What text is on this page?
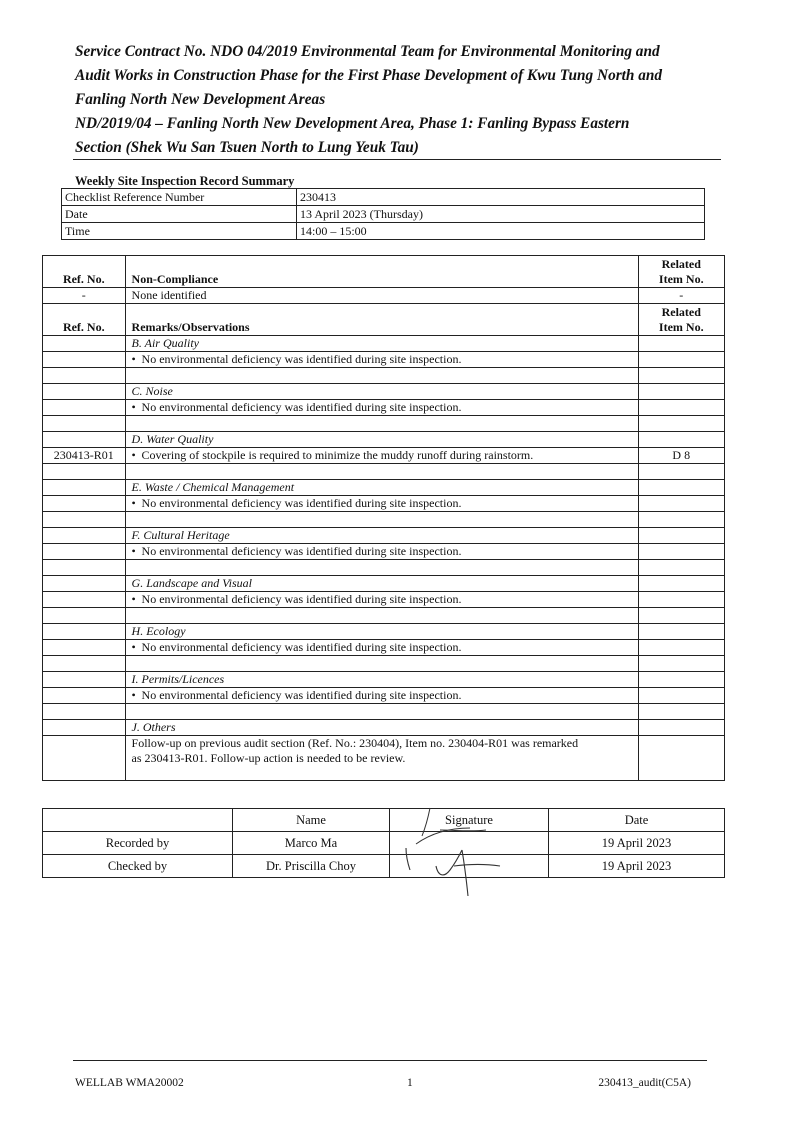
Service Contract No. NDO 04/2019 Environmental Team for Environmental Monitoring and
Audit Works in Construction Phase for the First Phase Development of Kwu Tung North and
Fanling North New Development Areas
ND/2019/04 – Fanling North New Development Area, Phase 1: Fanling Bypass Eastern
Section (Shek Wu San Tsuen North to Lung Yeuk Tau)
Weekly Site Inspection Record Summary
Checklist Reference Number	230413
Date	13 April 2023 (Thursday)
Time	14:00 – 15:00
Ref. No.	Non-Compliance	Related
Item No.
-	None identified	-
Ref. No.	Remarks/Observations	Related
Item No.
	B. Air Quality	
	• No environmental deficiency was identified during site inspection.	

	C. Noise	
	• No environmental deficiency was identified during site inspection.	

	D. Water Quality	
230413-R01	• Covering of stockpile is required to minimize the muddy runoff during rainstorm.	D 8

	E. Waste / Chemical Management	
	• No environmental deficiency was identified during site inspection.	

	F. Cultural Heritage	
	• No environmental deficiency was identified during site inspection.	

	G. Landscape and Visual	
	• No environmental deficiency was identified during site inspection.	

	H. Ecology	
	• No environmental deficiency was identified during site inspection.	

	I. Permits/Licences	
	• No environmental deficiency was identified during site inspection.	

	J. Others	
	Follow-up on previous audit section (Ref. No.: 230404), Item no. 230404-R01 was remarked
as 230413-R01. Follow-up action is needed to be review.	
	Name	Signature	Date
Recorded by	Marco Ma		19 April 2023
Checked by	Dr. Priscilla Choy		19 April 2023
WELLAB WMA20002	1	230413_audit(C5A)
